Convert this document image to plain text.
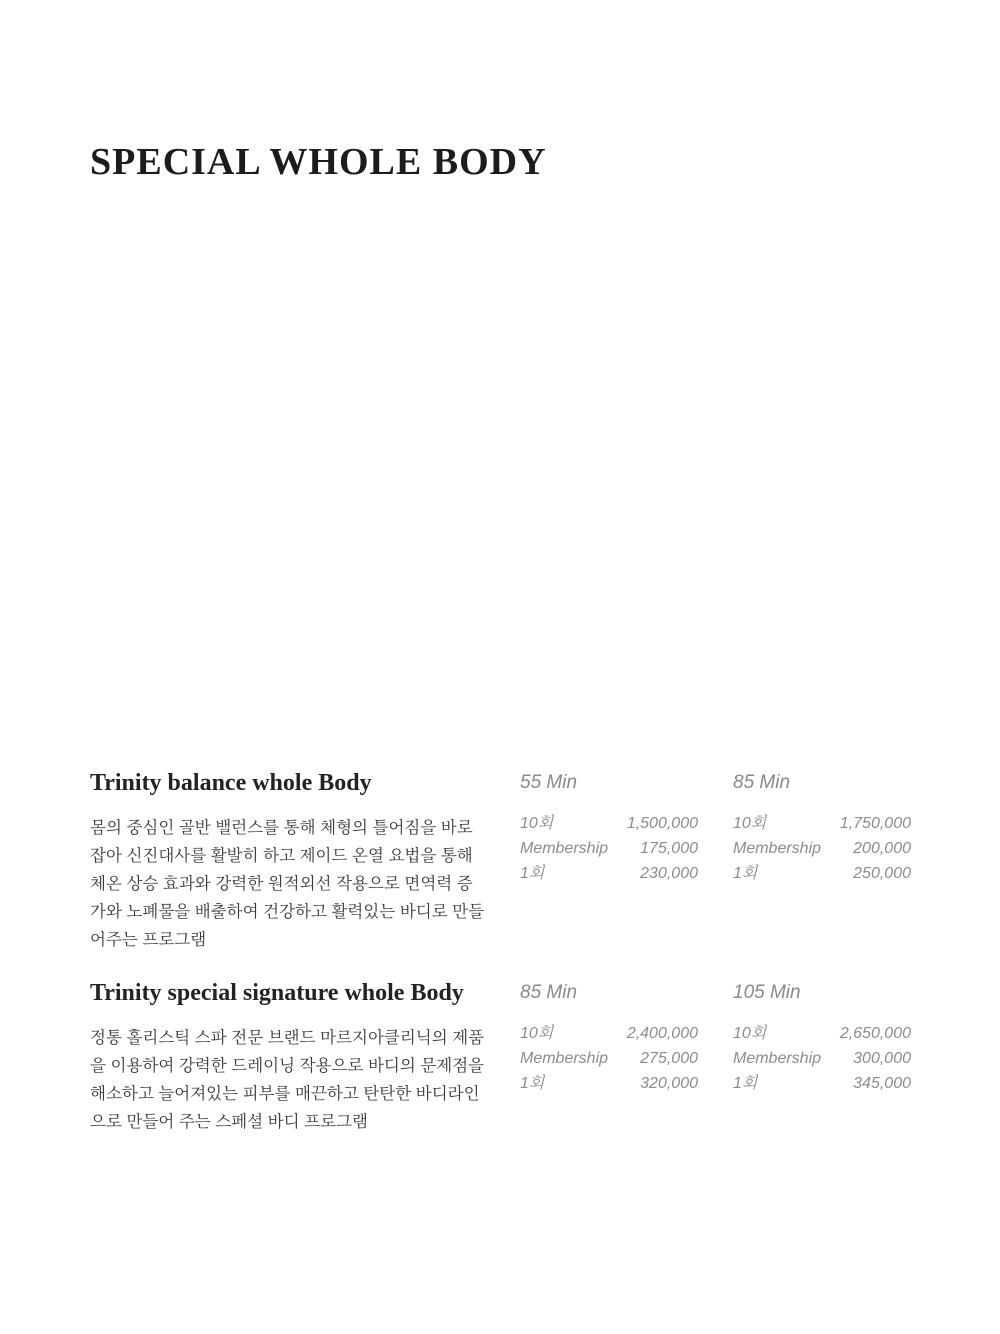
SPECIAL WHOLE BODY
Trinity balance whole Body

몸의 중심인 골반 밸런스를 통해 체형의 틀어짐을 바로 잡아 신진대사를 활발히 하고 제이드 온열 요법을 통해 체온 상승 효과와 강력한 원적외선 작용으로 면역력 증가와 노폐물을 배출하여 건강하고 활력있는 바디로 만들어주는 프로그램

55 Min
10회	1,500,000
Membership 175,000
1회	230,000
85 Min
10회	1,750,000
Membership 200,000
1회	250,000
Trinity special signature whole Body

정통 홀리스틱 스파 전문 브랜드 마르지아클리닉의 제품을 이용하여 강력한 드레이닝 작용으로 바디의 문제점을 해소하고 늘어져있는 피부를 매끈하고 탄탄한 바디라인으로 만들어 주는 스페셜 바디 프로그램

85 Min
10회	2,400,000
Membership 275,000
1회	320,000
105 Min
10회	2,650,000
Membership 300,000
1회	345,000
